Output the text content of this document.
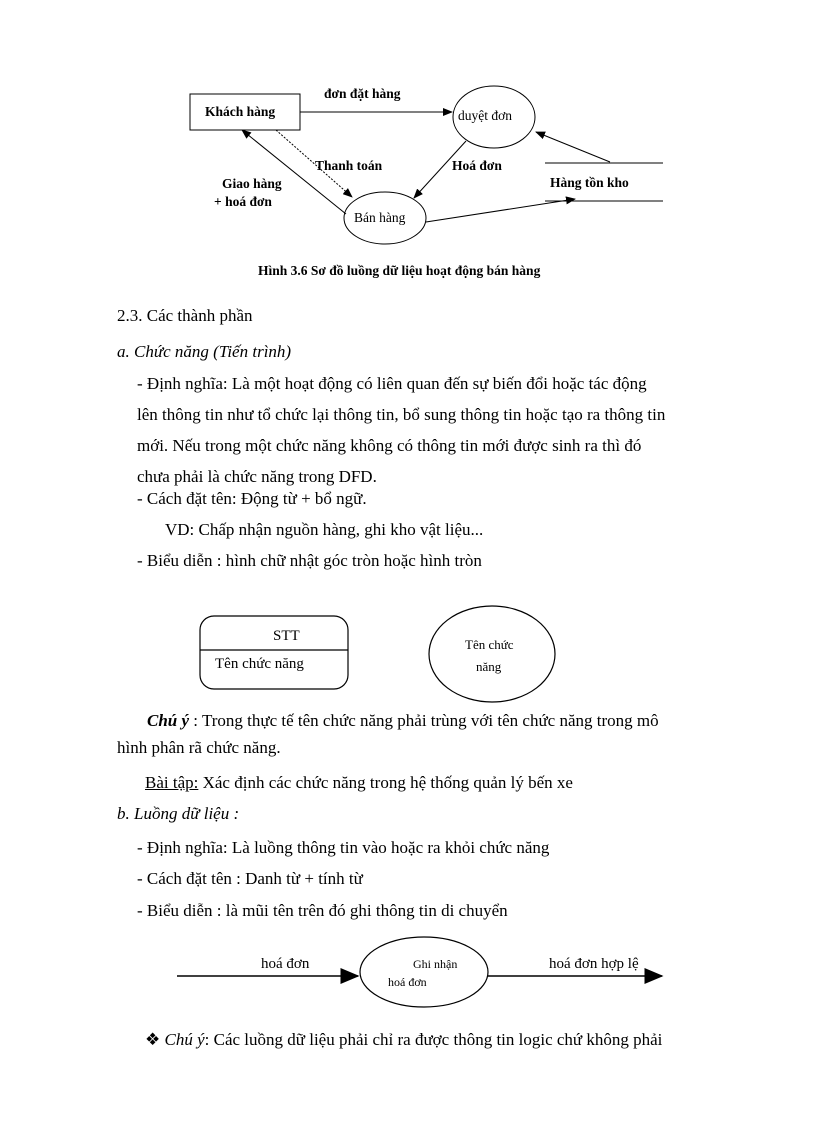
Khách hàng
đơn đặt hàng
duyệt đơn
Thanh toán	Hoá đơn
Hàng tồn kho
Giao hàng
+ hoá đơn
Bán hàng
Hình 3.6 Sơ đồ luồng dữ liệu hoạt động bán hàng
2.3. Các thành phần
a. Chức năng (Tiến trình)
- Định nghĩa: Là một hoạt động có liên quan đến sự biến đổi hoặc tác động
lên thông tin như tổ chức lại thông tin, bổ sung thông tin hoặc tạo ra thông tin
mới. Nếu trong một chức năng không có thông tin mới được sinh ra thì đó
chưa phải là chức năng trong DFD.
- Cách đặt tên: Động từ + bổ ngữ.
VD: Chấp nhận nguồn hàng, ghi kho vật liệu...
- Biểu diễn : hình chữ nhật góc tròn hoặc hình tròn
STT
Tên chức năng
Tên chức
năng
Chú ý : Trong thực tế tên chức năng phải trùng với tên chức năng trong mô
hình phân rã chức năng.
Bài tập: Xác định các chức năng trong hệ thống quản lý bến xe
b. Luồng dữ liệu :
- Định nghĩa: Là luồng thông tin vào hoặc ra khỏi chức năng
- Cách đặt tên : Danh từ + tính từ
- Biểu diễn : là mũi tên trên đó ghi thông tin di chuyển
hoá đơn	Ghi nhận
hoá đơn
hoá đơn hợp lệ
❖ Chú ý: Các luồng dữ liệu phải chỉ ra được thông tin logic chứ không phải
